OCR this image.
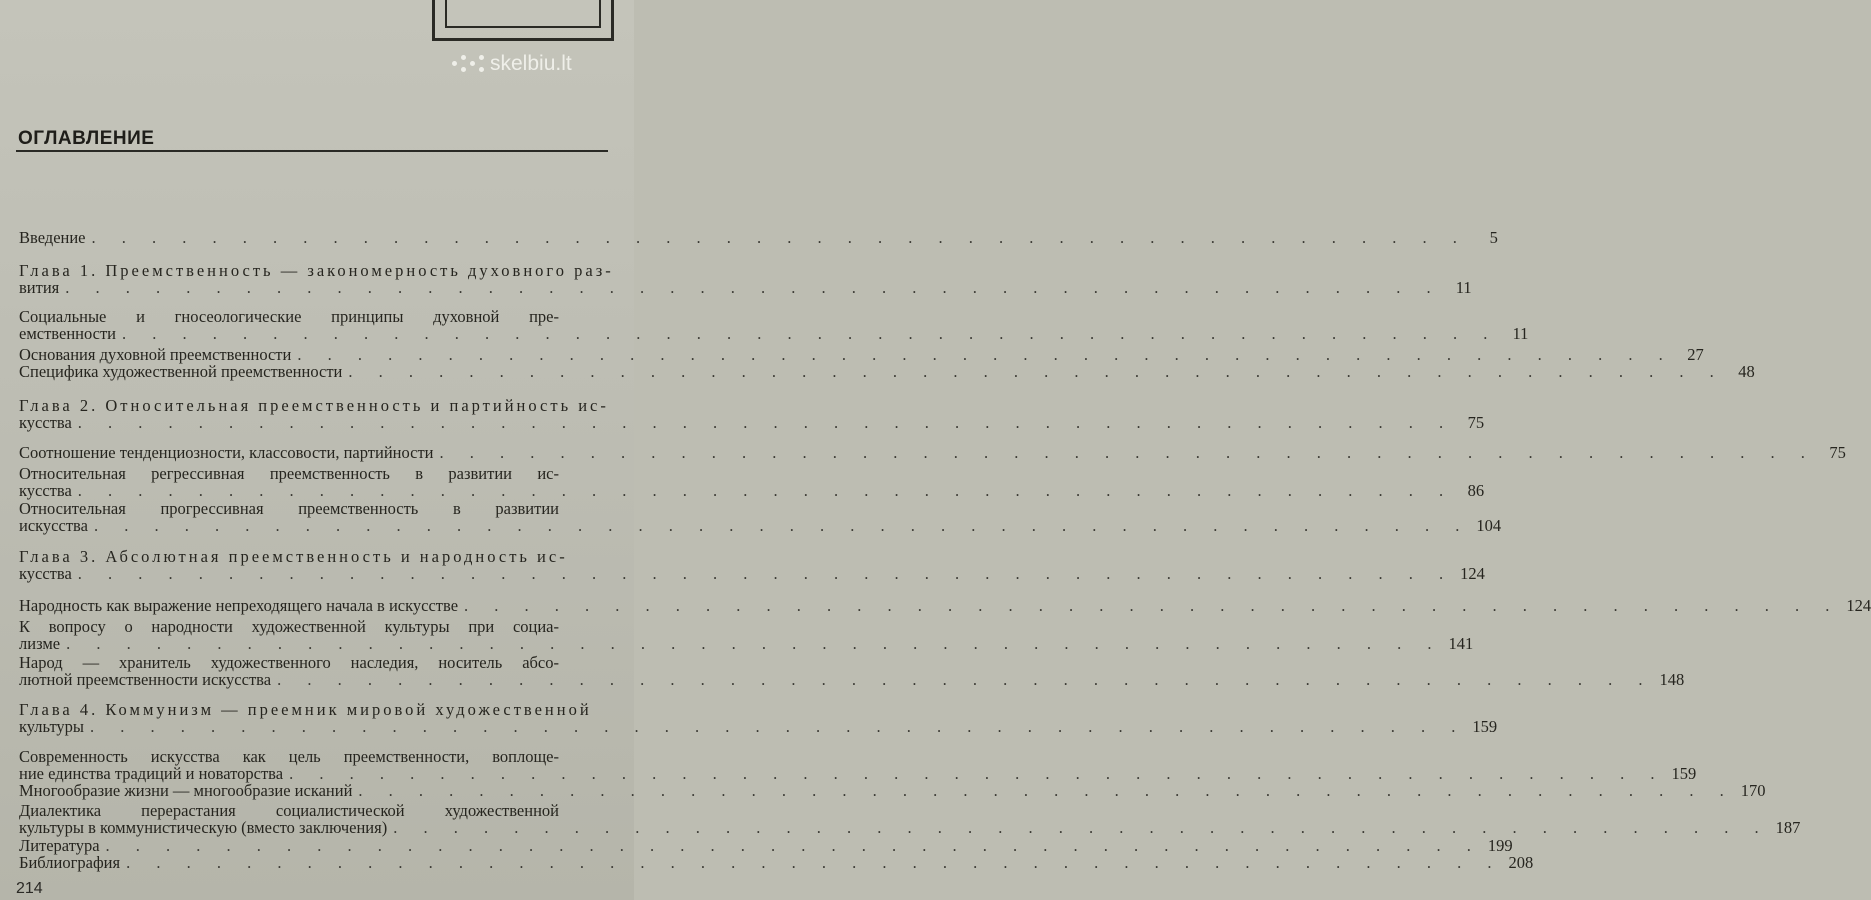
skelbiu.lt
ОГЛАВЛЕНИЕ
Введение . . . . . . . . . . . . . . . . . . . . . . . . . . . . . . . . . . . . . . . . . . . . . .	5
Глава 1. Преемственность — закономерность духовного раз-
вития . . . . . . . . . . . . . . . . . . . . . . . . . . . . . . . . . . . . . . . . . . . . . . 11
Социальные и гносеологические принципы духовной пре-
емственности . . . . . . . . . . . . . . . . . . . . . . . . . . . . . . . . . . . . . . . . . . . . . . 11
Основания духовной преемственности . . . . . . . . . . . . . . . . . . . . . . . . . . . . . . . . . . . . . . . . . . . . . . 27
Специфика художественной преемственности . . . . . . . . . . . . . . . . . . . . . . . . . . . . . . . . . . . . . . . . . . . . . . 48
Глава 2. Относительная преемственность и партийность ис-
кусства . . . . . . . . . . . . . . . . . . . . . . . . . . . . . . . . . . . . . . . . . . . . . . 75
Соотношение тенденциозности, классовости, партийности . . . . . . . . . . . . . . . . . . . . . . . . . . . . . . . . . . . . . . . . . . . . . . 75
Относительная регрессивная преемственность в развитии ис-
кусства . . . . . . . . . . . . . . . . . . . . . . . . . . . . . . . . . . . . . . . . . . . . . . 86
Относительная прогрессивная преемственность в развитии
искусства . . . . . . . . . . . . . . . . . . . . . . . . . . . . . . . . . . . . . . . . . . . . . . 104
Глава 3. Абсолютная преемственность и народность ис-
кусства . . . . . . . . . . . . . . . . . . . . . . . . . . . . . . . . . . . . . . . . . . . . . . 124
Народность как выражение непреходящего начала в искусстве . . . . . . . . . . . . . . . . . . . . . . . . . . . . . . . . . . . . . . . . . . . . . . 124
К вопросу о народности художественной культуры при социа-
лизме . . . . . . . . . . . . . . . . . . . . . . . . . . . . . . . . . . . . . . . . . . . . . . 141
Народ — хранитель художественного наследия, носитель абсо-
лютной преемственности искусства . . . . . . . . . . . . . . . . . . . . . . . . . . . . . . . . . . . . . . . . . . . . . . 148
Глава 4. Коммунизм — преемник мировой художественной
культуры . . . . . . . . . . . . . . . . . . . . . . . . . . . . . . . . . . . . . . . . . . . . . . 159
Современность искусства как цель преемственности, воплоще-
ние единства традиций и новаторства . . . . . . . . . . . . . . . . . . . . . . . . . . . . . . . . . . . . . . . . . . . . . . 159
Многообразие жизни — многообразие исканий . . . . . . . . . . . . . . . . . . . . . . . . . . . . . . . . . . . . . . . . . . . . . . 170
Диалектика перерастания социалистической художественной
культуры в коммунистическую (вместо заключения) . . . . . . . . . . . . . . . . . . . . . . . . . . . . . . . . . . . . . . . . . . . . . . 187
Литература . . . . . . . . . . . . . . . . . . . . . . . . . . . . . . . . . . . . . . . . . . . . . . 199
Библиография . . . . . . . . . . . . . . . . . . . . . . . . . . . . . . . . . . . . . . . . . . . . . . 208
214
